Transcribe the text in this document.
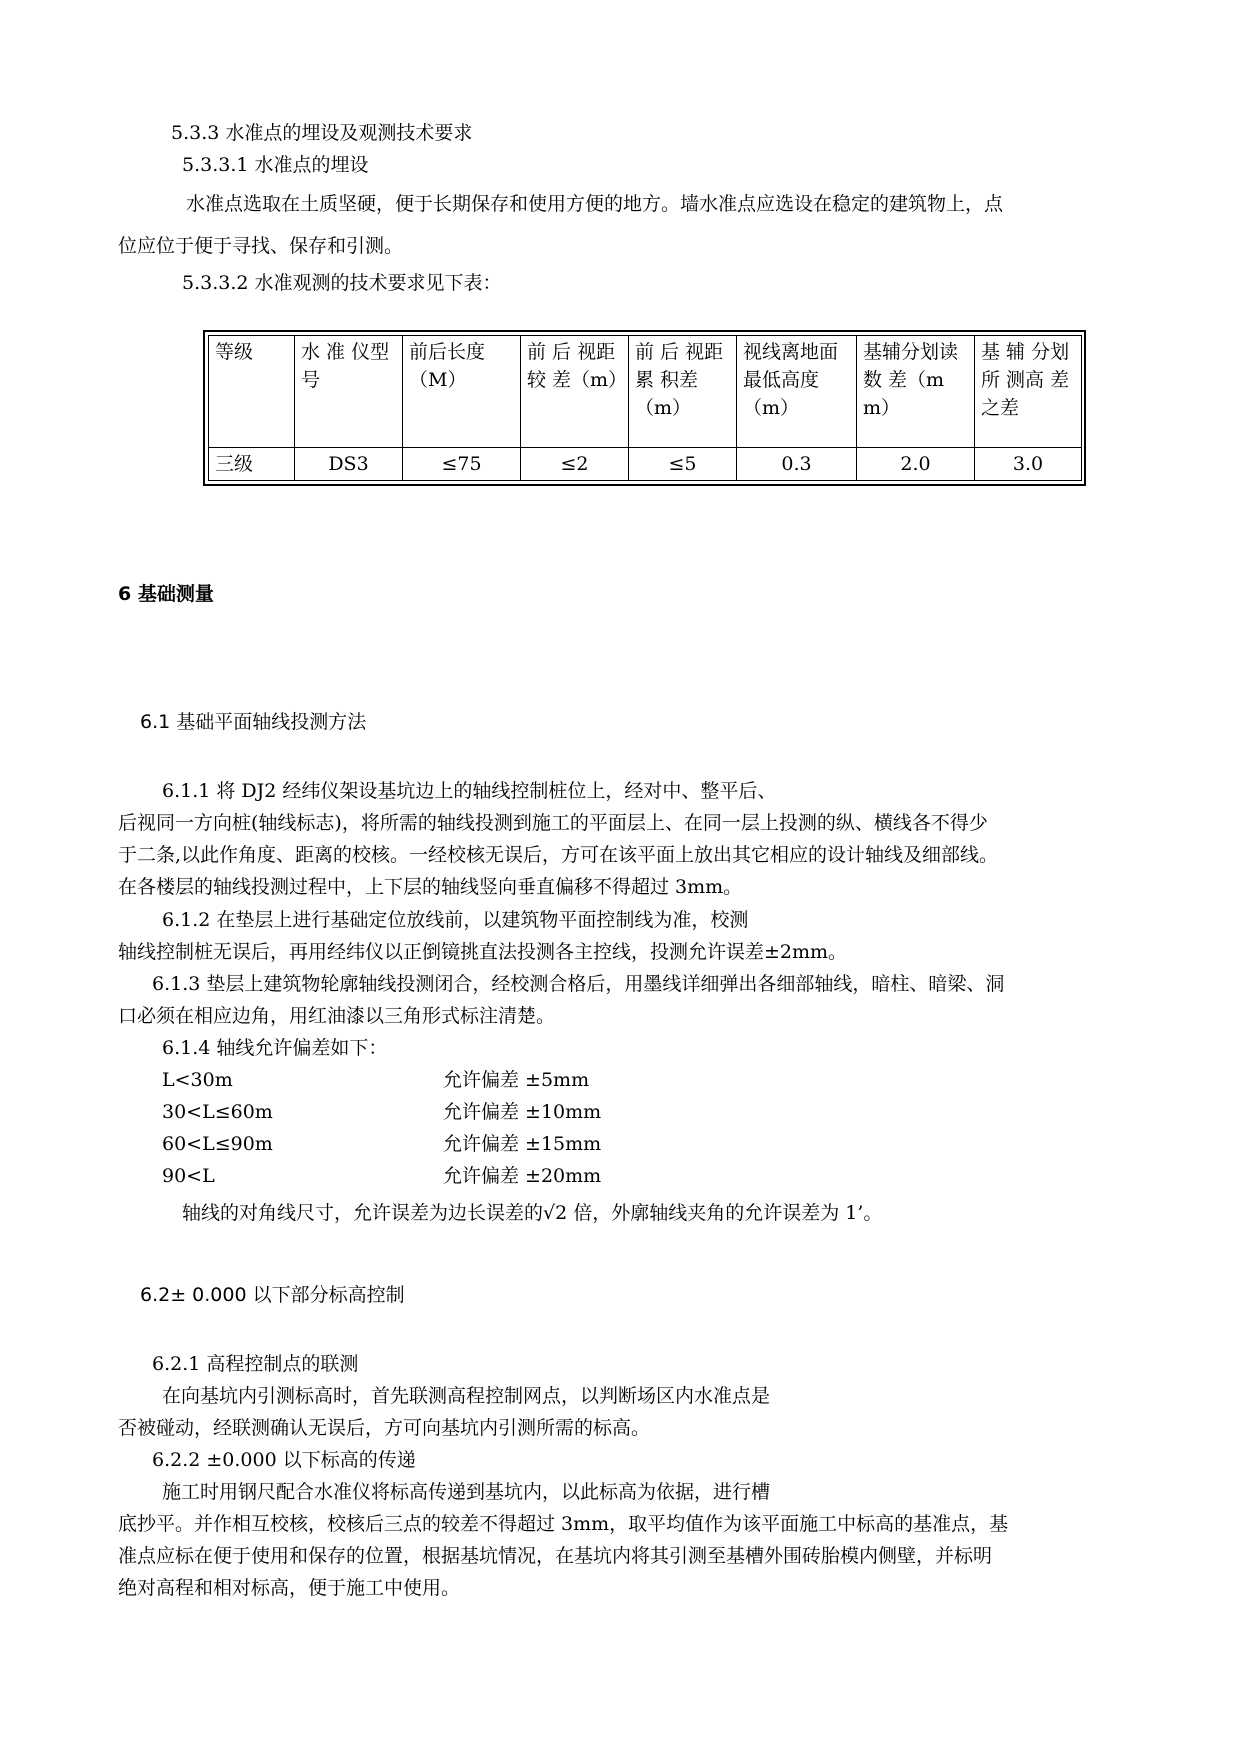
5.3.3 水准点的埋设及观测技术要求
5.3.3.1 水准点的埋设
水准点选取在土质坚硬，便于长期保存和使用方便的地方。墙水准点应选设在稳定的建筑物上，点
位应位于便于寻找、保存和引测。
5.3.3.2 水准观测的技术要求见下表：
等级	水 准 仪型号	前后长度（M）	前 后 视距 较 差（m）	前 后 视距 累 积差（m）	视线离地面最低高度（m）	基辅分划读 数 差（mm）	基 辅 分划 所 测高 差 之差
三级	DS3	≤75	≤2	≤5	0.3	2.0	3.0
6 基础测量
6.1 基础平面轴线投测方法
6.1.1 将 DJ2 经纬仪架设基坑边上的轴线控制桩位上，经对中、整平后、
后视同一方向桩(轴线标志)，将所需的轴线投测到施工的平面层上、在同一层上投测的纵、横线各不得少
于二条,以此作角度、距离的校核。一经校核无误后，方可在该平面上放出其它相应的设计轴线及细部线。
在各楼层的轴线投测过程中，上下层的轴线竖向垂直偏移不得超过 3mm。
6.1.2 在垫层上进行基础定位放线前，以建筑物平面控制线为准，校测
轴线控制桩无误后，再用经纬仪以正倒镜挑直法投测各主控线，投测允许误差±2mm。
6.1.3 垫层上建筑物轮廓轴线投测闭合，经校测合格后，用墨线详细弹出各细部轴线，暗柱、暗梁、洞
口必须在相应边角，用红油漆以三角形式标注清楚。
6.1.4 轴线允许偏差如下：
L<30m	允许偏差 ±5mm
30<L≤60m	允许偏差 ±10mm
60<L≤90m	允许偏差 ±15mm
90<L	允许偏差 ±20mm
轴线的对角线尺寸，允许误差为边长误差的√2 倍，外廓轴线夹角的允许误差为 1’。
6.2± 0.000 以下部分标高控制
6.2.1 高程控制点的联测
在向基坑内引测标高时，首先联测高程控制网点，以判断场区内水准点是
否被碰动，经联测确认无误后，方可向基坑内引测所需的标高。
6.2.2 ±0.000 以下标高的传递
施工时用钢尺配合水准仪将标高传递到基坑内，以此标高为依据，进行槽
底抄平。并作相互校核，校核后三点的较差不得超过 3mm，取平均值作为该平面施工中标高的基准点，基
准点应标在便于使用和保存的位置，根据基坑情况，在基坑内将其引测至基槽外围砖胎模内侧壁，并标明
绝对高程和相对标高，便于施工中使用。
